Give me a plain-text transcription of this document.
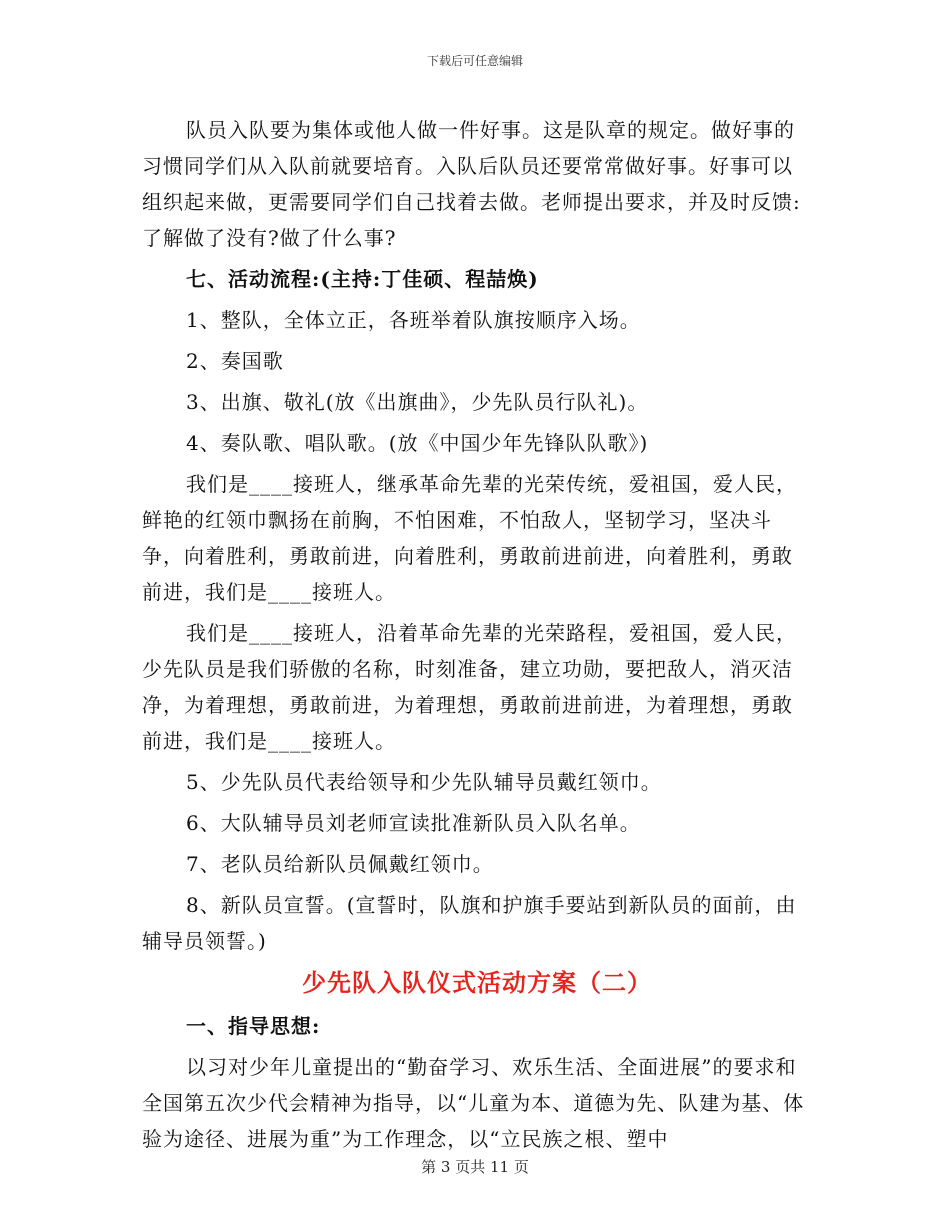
下载后可任意编辑

队员入队要为集体或他人做一件好事。这是队章的规定。做好事的习惯同学们从入队前就要培育。入队后队员还要常常做好事。好事可以组织起来做，更需要同学们自己找着去做。老师提出要求，并及时反馈:了解做了没有?做了什么事?

七、活动流程:(主持:丁佳硕、程喆焕)

1、整队，全体立正，各班举着队旗按顺序入场。

2、奏国歌

3、出旗、敬礼(放《出旗曲》，少先队员行队礼)。

4、奏队歌、唱队歌。(放《中国少年先锋队队歌》)

我们是____接班人，继承革命先辈的光荣传统，爱祖国，爱人民，鲜艳的红领巾飘扬在前胸，不怕困难，不怕敌人，坚韧学习，坚决斗争，向着胜利，勇敢前进，向着胜利，勇敢前进前进，向着胜利，勇敢前进，我们是____接班人。

我们是____接班人，沿着革命先辈的光荣路程，爱祖国，爱人民，少先队员是我们骄傲的名称，时刻准备，建立功勋，要把敌人，消灭洁净，为着理想，勇敢前进，为着理想，勇敢前进前进，为着理想，勇敢前进，我们是____接班人。

5、少先队员代表给领导和少先队辅导员戴红领巾。

6、大队辅导员刘老师宣读批准新队员入队名单。

7、老队员给新队员佩戴红领巾。

8、新队员宣誓。(宣誓时，队旗和护旗手要站到新队员的面前，由辅导员领誓。)

少先队入队仪式活动方案（二）

一、指导思想:

以习对少年儿童提出的“勤奋学习、欢乐生活、全面进展”的要求和全国第五次少代会精神为指导，以“儿童为本、道德为先、队建为基、体验为途径、进展为重”为工作理念，以“立民族之根、塑中

第 3 页共 11 页
